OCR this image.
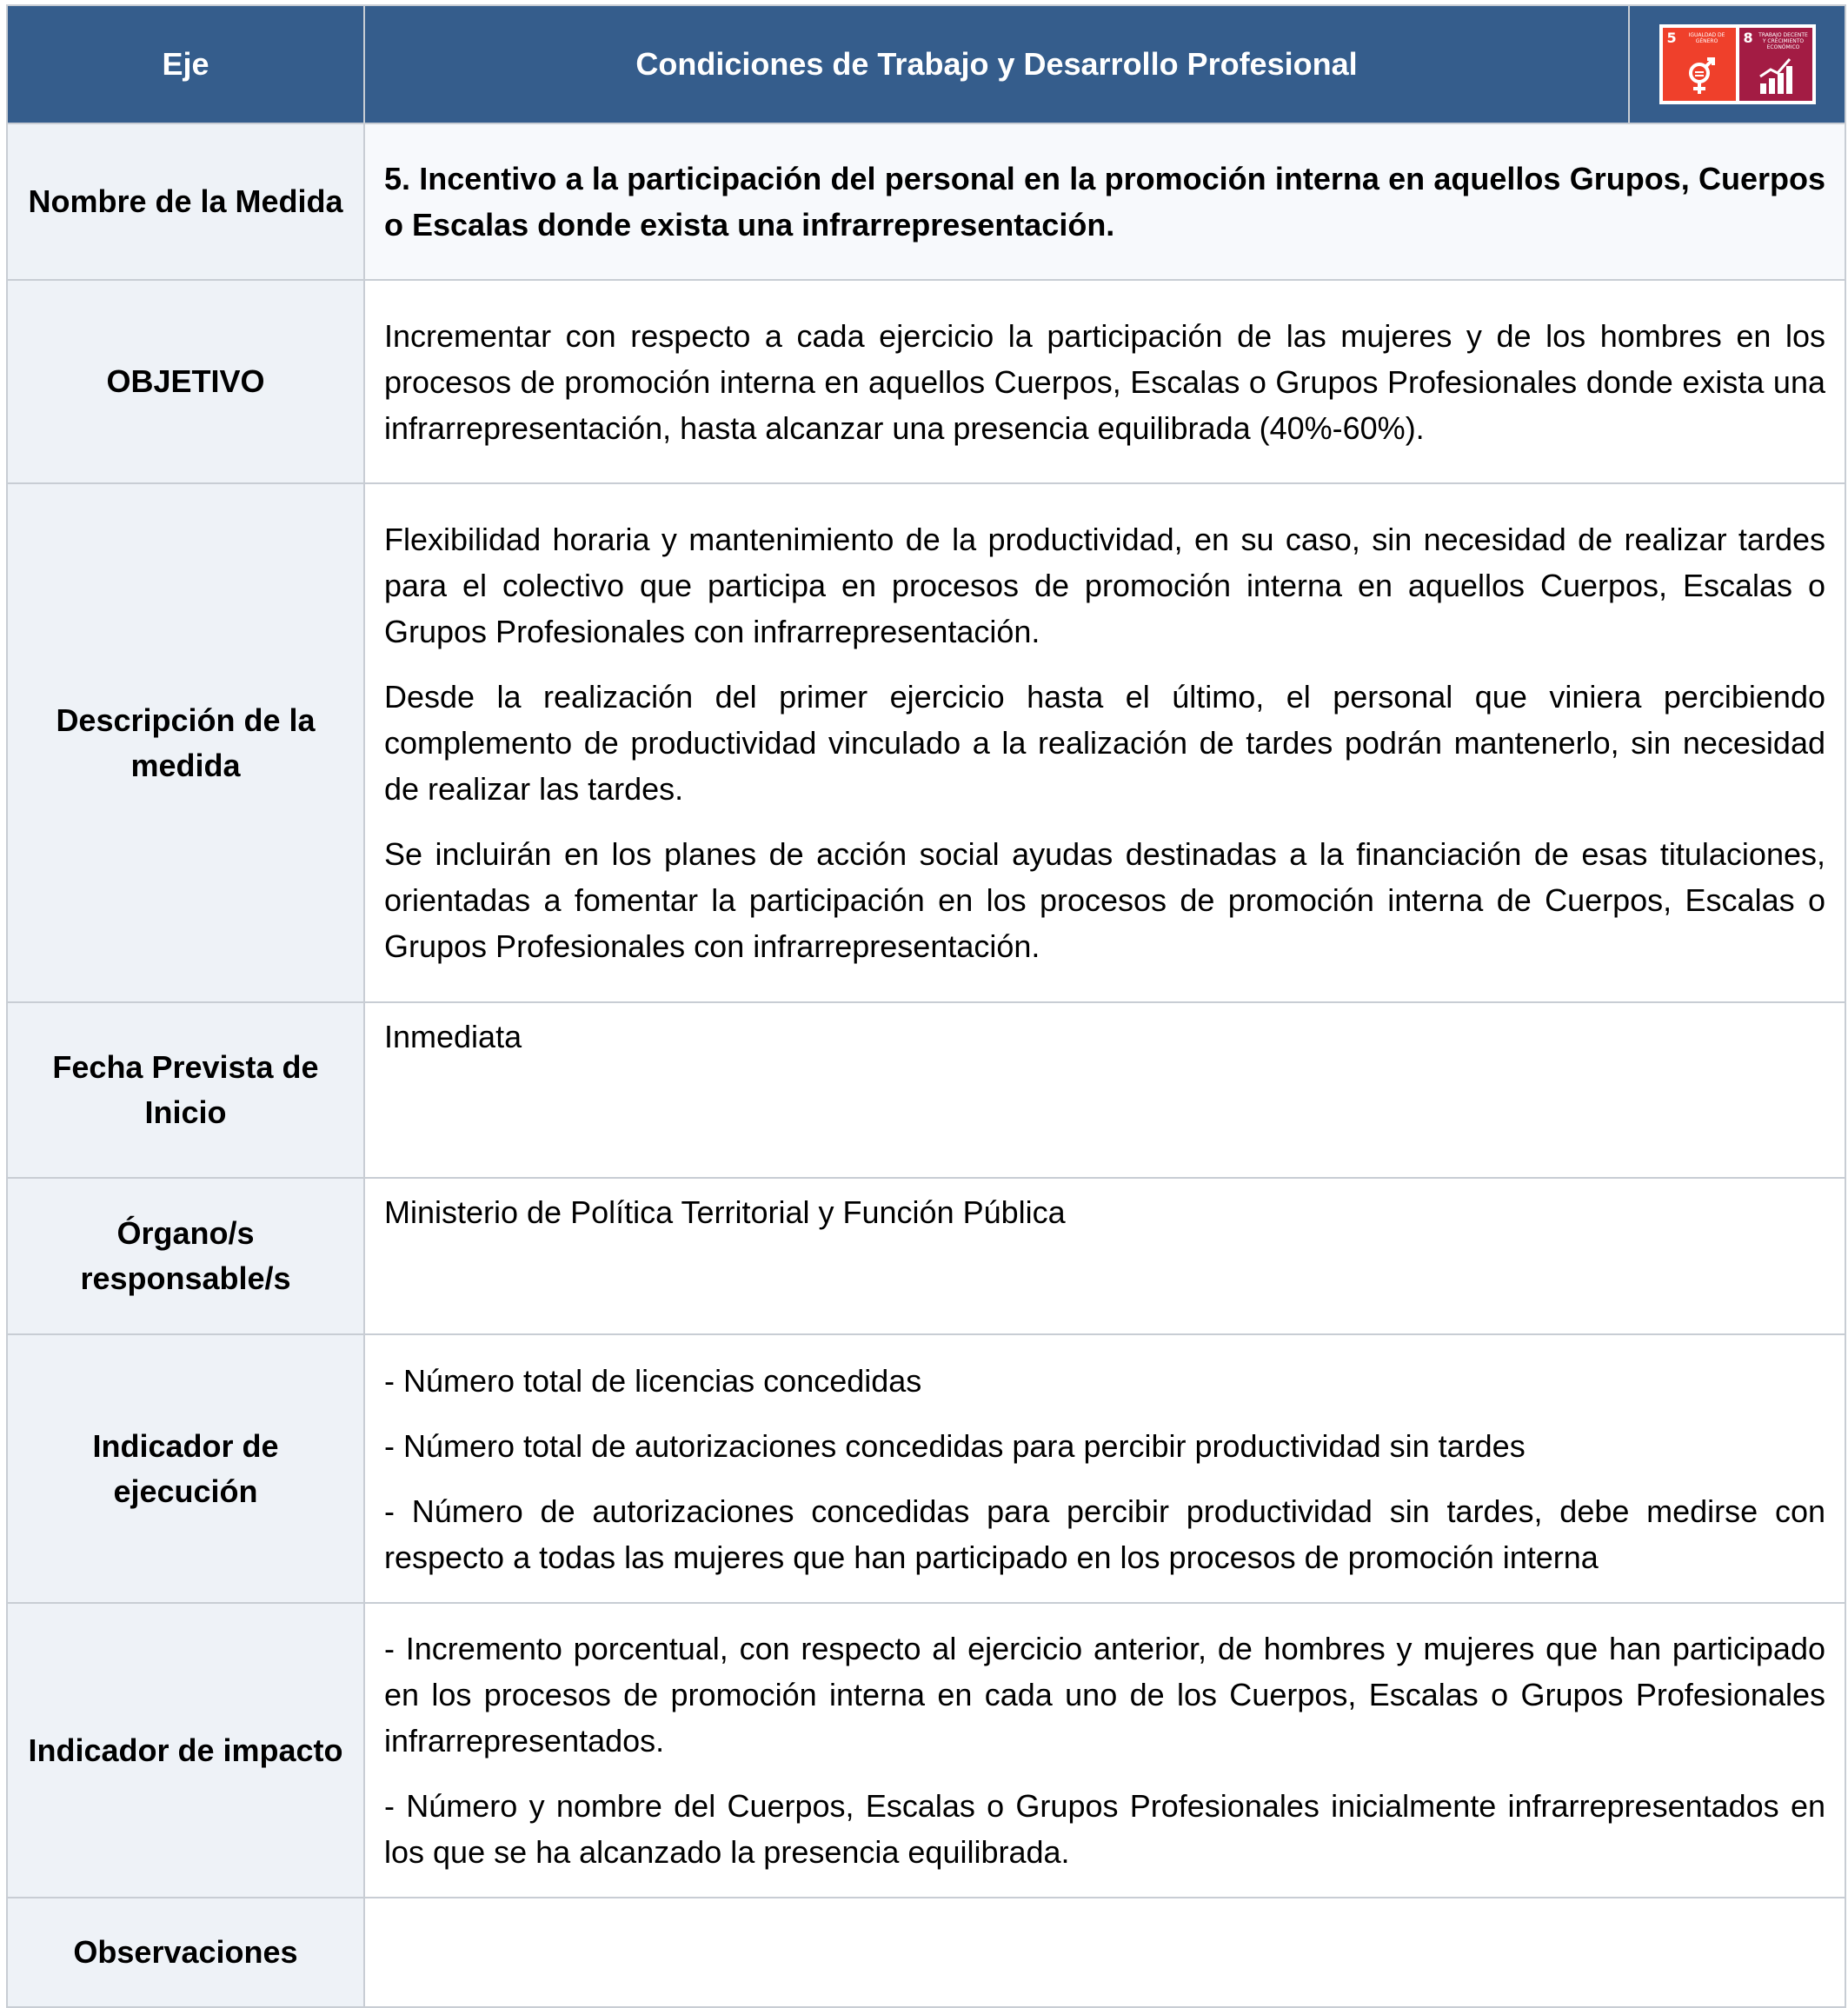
Eje	Condiciones de Trabajo y Desarrollo Profesional	5 IGUALDAD DE GÉNERO 8 TRABAJO DECENTE Y CRECIMIENTO ECONÓMICO

Nombre de la Medida	5. Incentivo a la participación del personal en la promoción interna en aquellos Grupos, Cuerpos o Escalas donde exista una infrarrepresentación.	
OBJETIVO	Incrementar con respecto a cada ejercicio la participación de las mujeres y de los hombres en los procesos de promoción interna en aquellos Cuerpos, Escalas o Grupos Profesionales donde exista una infrarrepresentación, hasta alcanzar una presencia equilibrada (40%-60%).	
Descripción de la medida	Flexibilidad horaria y mantenimiento de la productividad, en su caso, sin necesidad de realizar tardes para el colectivo que participa en procesos de promoción interna en aquellos Cuerpos, Escalas o Grupos Profesionales con infrarrepresentación.

Desde la realización del primer ejercicio hasta el último, el personal que viniera percibiendo complemento de productividad vinculado a la realización de tardes podrán mantenerlo, sin necesidad de realizar las tardes.

Se incluirán en los planes de acción social ayudas destinadas a la financiación de esas titulaciones, orientadas a fomentar la participación en los procesos de promoción interna de Cuerpos, Escalas o Grupos Profesionales con infrarrepresentación.	

Fecha Prevista de Inicio	Inmediata	
Órgano/s responsable/s	Ministerio de Política Territorial y Función Pública	
Indicador de ejecución	- Número total de licencias concedidas

- Número total de autorizaciones concedidas para percibir productividad sin tardes

- Número de autorizaciones concedidas para percibir productividad sin tardes, debe medirse con respecto a todas las mujeres que han participado en los procesos de promoción interna	

Indicador de impacto	- Incremento porcentual, con respecto al ejercicio anterior, de hombres y mujeres que han participado en los procesos de promoción interna en cada uno de los Cuerpos, Escalas o Grupos Profesionales infrarrepresentados.

- Número y nombre del Cuerpos, Escalas o Grupos Profesionales inicialmente infrarrepresentados en los que se ha alcanzado la presencia equilibrada.	

Observaciones		
